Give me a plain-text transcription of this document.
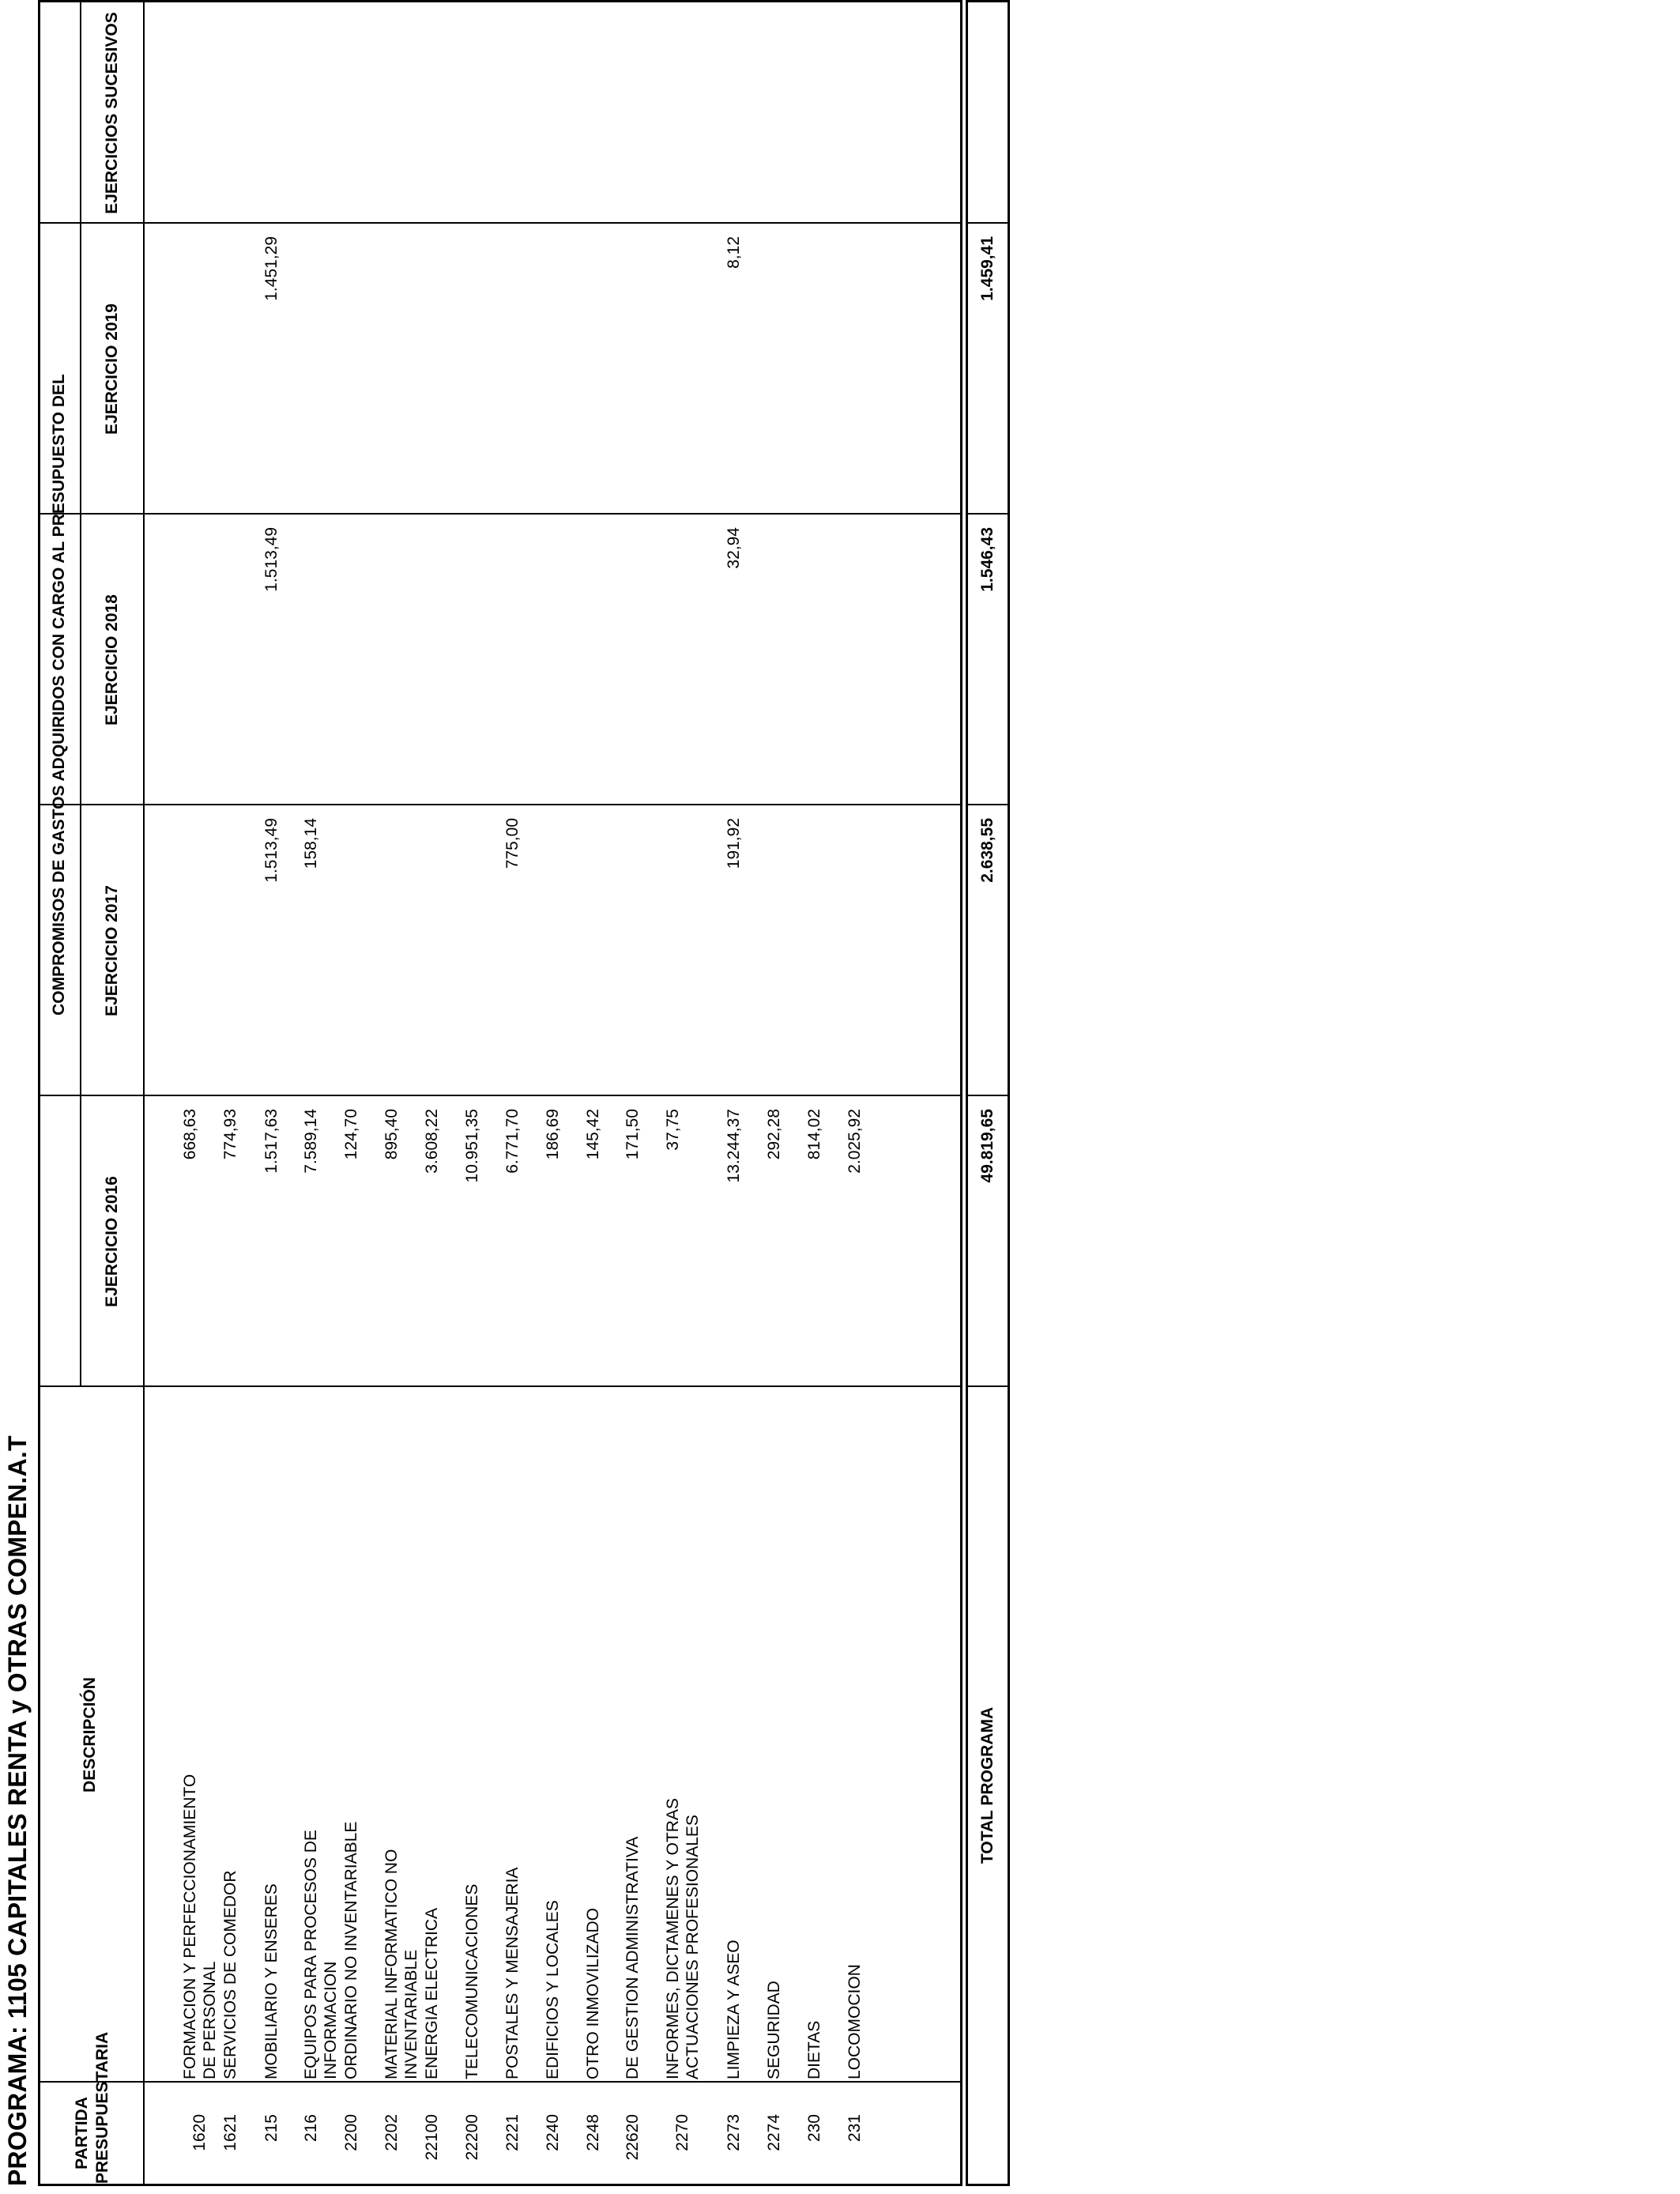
PROGRAMA: 1105 CAPITALES RENTA y OTRAS COMPEN.A.T PARTIDA PRESUPUESTARIA
DESCRIPCIÓN
COMPROMISOS DE GASTOS ADQUIRIDOS CON CARGO AL PRESUPUESTO DEL
EJERCICIO 2016
EJERCICIO 2017
EJERCICIO 2018
EJERCICIO 2019
EJERCICIOS SUCESIVOS
1620
FORMACION Y PERFECCIONAMIENTO DE PERSONAL
668,63
1621
SERVICIOS DE COMEDOR
774,93
215
MOBILIARIO Y ENSERES
1.517,63
1.513,49
1.513,49
1.451,29
216
EQUIPOS PARA PROCESOS DE INFORMACION
7.589,14
158,14
2200
ORDINARIO NO INVENTARIABLE
124,70
2202
MATERIAL INFORMATICO NO INVENTARIABLE
895,40
22100
ENERGIA ELECTRICA
3.608,22
22200
TELECOMUNICACIONES
10.951,35
2221
POSTALES Y MENSAJERIA
6.771,70
775,00
2240
EDIFICIOS Y LOCALES
186,69
2248
OTRO INMOVILIZADO
145,42
22620
DE GESTION ADMINISTRATIVA
171,50
2270
INFORMES, DICTAMENES Y OTRAS ACTUACIONES PROFESIONALES
37,75
2273
LIMPIEZA Y ASEO
13.244,37
191,92
32,94
8,12
2274
SEGURIDAD
292,28
230
DIETAS
814,02
231
LOCOMOCION
2.025,92
TOTAL PROGRAMA
49.819,65
2.638,55
1.546,43
1.459,41
